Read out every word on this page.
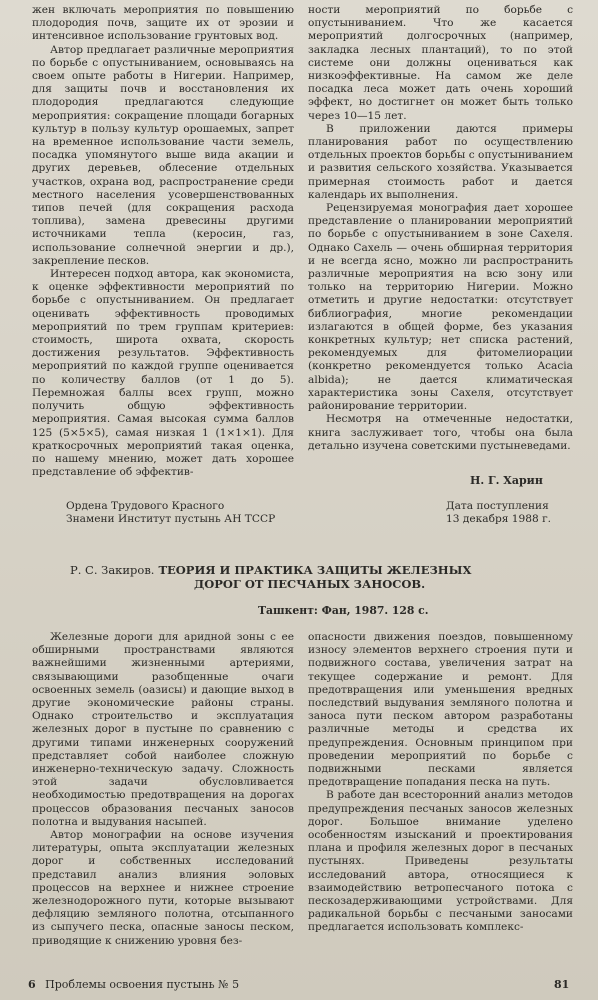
жен включать мероприятия по повышению плодородия почв, защите их от эрозии и интенсивное использование грунтовых вод.

Автор предлагает различные мероприятия по борьбе с опустыниванием, основываясь на своем опыте работы в Нигерии. Например, для защиты почв и восстановления их плодородия предлагаются следующие мероприятия: сокращение площади богарных культур в пользу культур орошаемых, запрет на временное использование части земель, посадка упомянутого выше вида акации и других деревьев, облесение отдельных участков, охрана вод, распространение среди местного населения усовершенствованных типов печей (для сокращения расхода топлива), замена древесины другими источниками тепла (керосин, газ, использование солнечной энергии и др.), закрепление песков.

Интересен подход автора, как экономиста, к оценке эффективности мероприятий по борьбе с опустыниванием. Он предлагает оценивать эффективность проводимых мероприятий по трем группам критериев: стоимость, широта охвата, скорость достижения результатов. Эффективность мероприятий по каждой группе оценивается по количеству баллов (от 1 до 5). Перемножая баллы всех групп, можно получить общую эффективность мероприятия. Самая высокая сумма баллов 125 (5×5×5), самая низкая 1 (1×1×1). Для краткосрочных мероприятий такая оценка, по нашему мнению, может дать хорошее представление об эффектив-

ности мероприятий по борьбе с опустыниванием. Что же касается мероприятий долгосрочных (например, закладка лесных плантаций), то по этой системе они должны оцениваться как низкоэффективные. На самом же деле посадка леса может дать очень хороший эффект, но достигнет он может быть только через 10—15 лет.

В приложении даются примеры планирования работ по осуществлению отдельных проектов борьбы с опустыниванием и развития сельского хозяйства. Указывается примерная стоимость работ и дается календарь их выполнения.

Рецензируемая монография дает хорошее представление о планировании мероприятий по борьбе с опустыниванием в зоне Сахеля. Однако Сахель — очень обширная территория и не всегда ясно, можно ли распространить различные мероприятия на всю зону или только на территорию Нигерии. Можно отметить и другие недостатки: отсутствует библиография, многие рекомендации излагаются в общей форме, без указания конкретных культур; нет списка растений, рекомендуемых для фитомелиорации (конкретно рекомендуется только Acacia albida); не дается климатическая характеристика зоны Сахеля, отсутствует районирование территории.

Несмотря на отмеченные недостатки, книга заслуживает того, чтобы она была детально изучена советскими пустыневедами.

Н. Г. Харин
Ордена Трудового Красного
Знамени Институт пустынь АН ТССР
Дата поступления
13 декабря 1988 г.
Р. С. Закиров. ТЕОРИЯ И ПРАКТИКА ЗАЩИТЫ ЖЕЛЕЗНЫХ
ДОРОГ ОТ ПЕСЧАНЫХ ЗАНОСОВ.
Ташкент: Фан, 1987. 128 с.

Железные дороги для аридной зоны с ее обширными пространствами являются важнейшими жизненными артериями, связывающими разобщенные очаги освоенных земель (оазисы) и дающие выход в другие экономические районы страны. Однако строительство и эксплуатация железных дорог в пустыне по сравнению с другими типами инженерных сооружений представляет собой наиболее сложную инженерно-техническую задачу. Сложность этой задачи обусловливается необходимостью предотвращения на дорогах процессов образования песчаных заносов полотна и выдувания насыпей.

Автор монографии на основе изучения литературы, опыта эксплуатации железных дорог и собственных исследований представил анализ влияния эоловых процессов на верхнее и нижнее строение железнодорожного пути, которые вызывают дефляцию земляного полотна, отсыпанного из сыпучего песка, опасные заносы песком, приводящие к снижению уровня без-

опасности движения поездов, повышенному износу элементов верхнего строения пути и подвижного состава, увеличения затрат на текущее содержание и ремонт. Для предотвращения или уменьшения вредных последствий выдувания земляного полотна и заноса пути песком автором разработаны различные методы и средства их предупреждения. Основным принципом при проведении мероприятий по борьбе с подвижными песками является предотвращение попадания песка на путь.

В работе дан всесторонний анализ методов предупреждения песчаных заносов железных дорог. Большое внимание уделено особенностям изысканий и проектирования плана и профиля железных дорог в песчаных пустынях. Приведены результаты исследований автора, относящиеся к взаимодействию ветропесчаного потока с пескозадерживающими устройствами. Для радикальной борьбы с песчаными заносами предлагается использовать комплекс-

6 Проблемы освоения пустынь № 5	81
